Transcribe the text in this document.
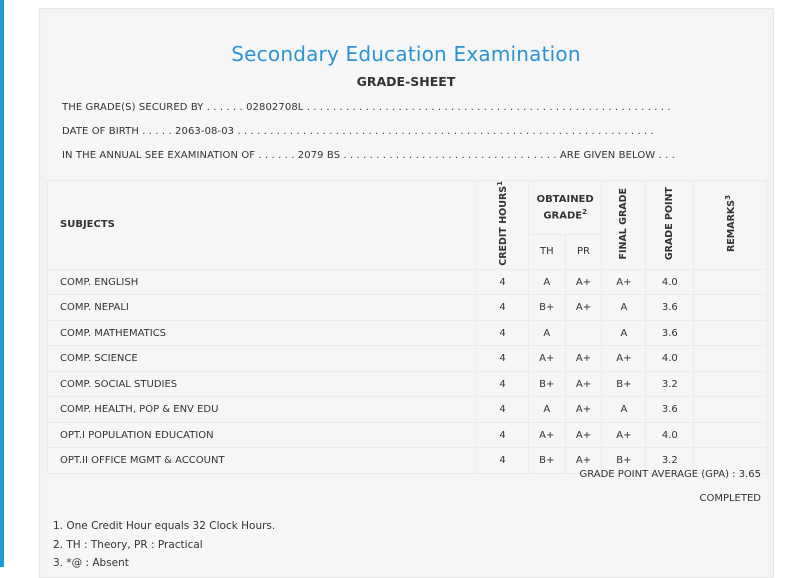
Secondary Education Examination
GRADE-SHEET
THE GRADE(S) SECURED BY . . . . . . 02802708L . . . . . . . . . . . . . . . . . . . . . . . . . . . . . . . . . . . . . . . . . . . . . . . . . . . . . . . .
DATE OF BIRTH . . . . . 2063-08-03 . . . . . . . . . . . . . . . . . . . . . . . . . . . . . . . . . . . . . . . . . . . . . . . . . . . . . . . . . . . . . . . .
IN THE ANNUAL SEE EXAMINATION OF . . . . . . 2079 BS . . . . . . . . . . . . . . . . . . . . . . . . . . . . . . . . . ARE GIVEN BELOW . . .
SUBJECTS	CREDIT HOURS$^1$	OBTAINED GRADE$^2$		FINAL GRADE	GRADE POINT	REMARKS$^3$
		TH	PR			
COMP. ENGLISH	4	A	A+	A+	4.0	
COMP. NEPALI	4	B+	A+	A	3.6	
COMP. MATHEMATICS	4	A		A	3.6	
COMP. SCIENCE	4	A+	A+	A+	4.0	
COMP. SOCIAL STUDIES	4	B+	A+	B+	3.2	
COMP. HEALTH, POP & ENV EDU	4	A	A+	A	3.6	
OPT.I POPULATION EDUCATION	4	A+	A+	A+	4.0	
OPT.II OFFICE MGMT & ACCOUNT	4	B+	A+	B+	3.2	
GRADE POINT AVERAGE (GPA) : 3.65
COMPLETED
1. One Credit Hour equals 32 Clock Hours.
2. TH : Theory, PR : Practical
3. *@ : Absent
